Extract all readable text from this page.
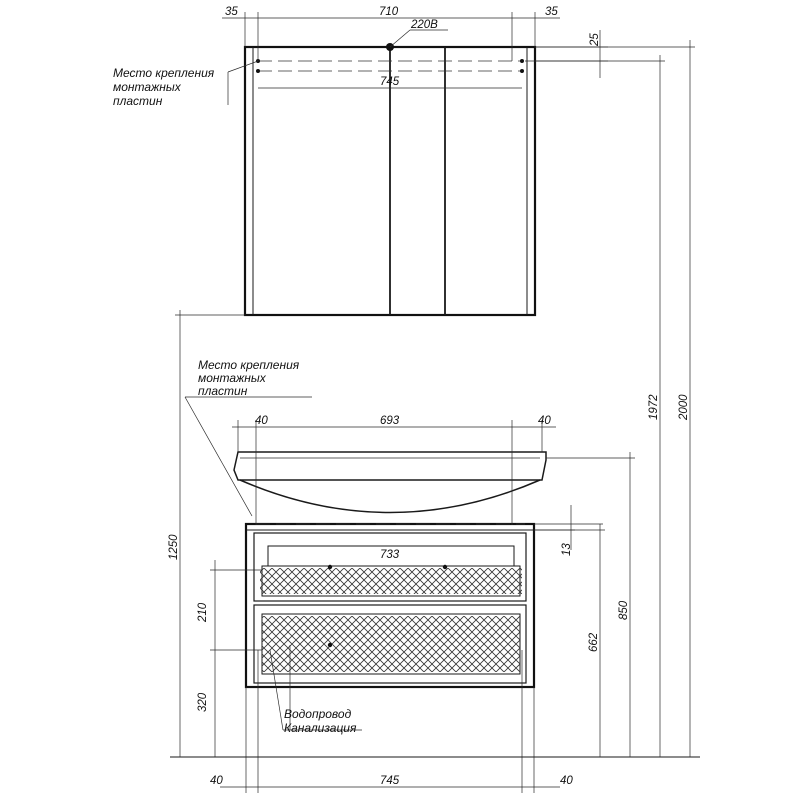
220В
35	710	35
745
25
Место крепления
монтажных
пластин
733
40	693	40
Место крепления
монтажных
пластин
13
210
320
Водопровод
Канализация
40	745	40
1250
1972 2000
850
662
